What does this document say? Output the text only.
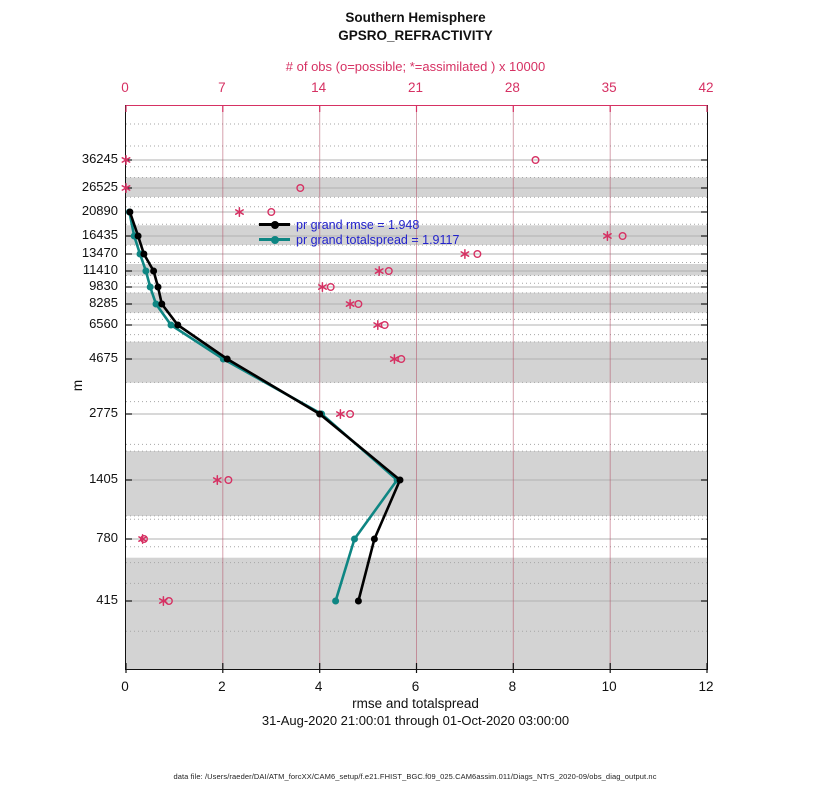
Southern Hemisphere
GPSRO_REFRACTIVITY
# of obs (o=possible; *=assimilated ) x 10000
0	7	14	21	28	35	42
pr grand rmse = 1.948
pr grand totalspread = 1.9117
36245
26525
20890
16435
13470
11410
9830
8285
6560
4675
2775
1405
780
415
m
0	2	4	6	8	10	12
rmse and totalspread
31-Aug-2020 21:00:01 through 01-Oct-2020 03:00:00
data file: /Users/raeder/DAI/ATM_forcXX/CAM6_setup/f.e21.FHIST_BGC.f09_025.CAM6assim.011/Diags_NTrS_2020-09/obs_diag_output.nc
